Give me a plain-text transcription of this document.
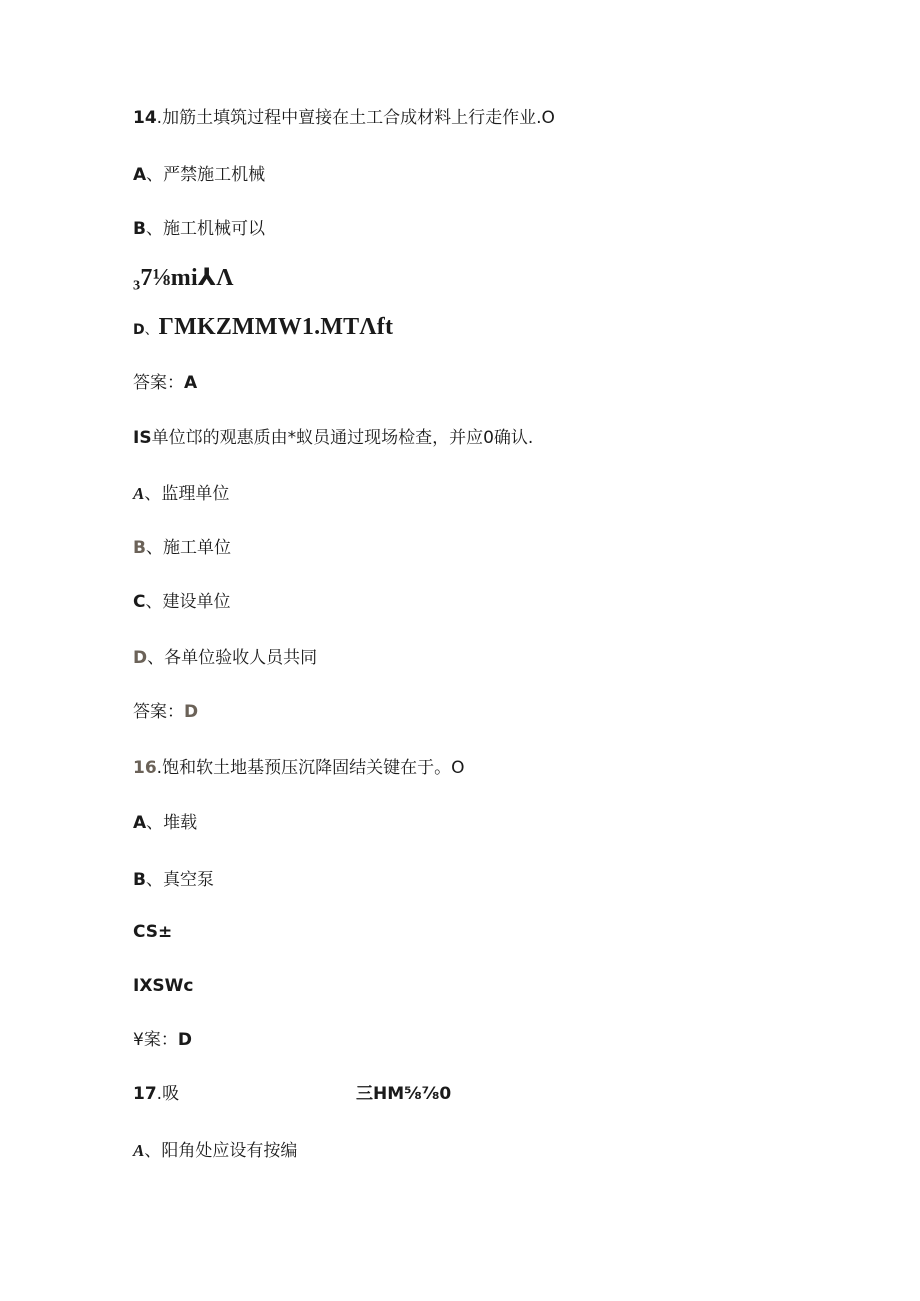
14.加筋土填筑过程中亶接在土工合成材料上行走作业.O
A、严禁施工机械
B、施工机械可以
₃7⅛mi⅄Λ
D、ΓMKZMMW1.MTΛft
答案：A
IS单位邙的观惠质由*蚁员通过现场检查，并应0确认.
A、监理单位
B、施工单位
C、建设单位
D、各单位验收人员共同
答案：D
16.饱和软土地基预压沉降固结关键在于。O
A、堆载
B、真空泵
CS±
IXSWc
¥案：D
17.吸	三HM⅝⅞0
A、阳角处应设有按编
